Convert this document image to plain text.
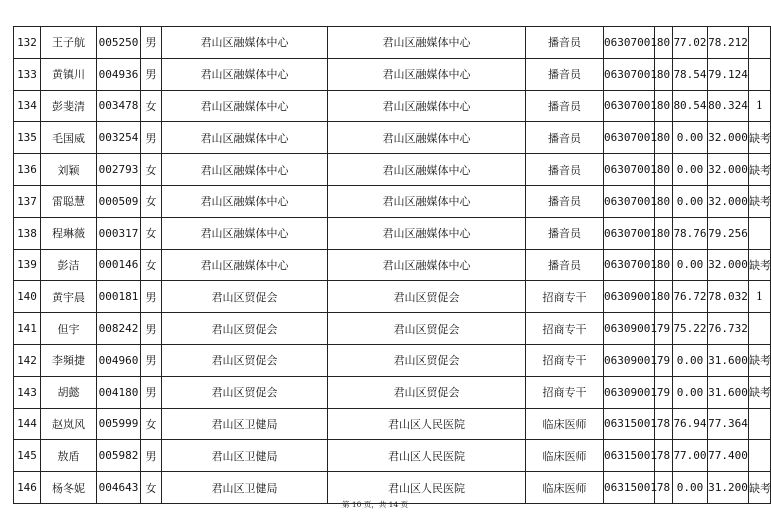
132	王子航	005250	男	君山区融媒体中心	君山区融媒体中心	播音员	06307001	80	77.02	78.212	
133	黄镇川	004936	男	君山区融媒体中心	君山区融媒体中心	播音员	06307001	80	78.54	79.124	
134	彭斐清	003478	女	君山区融媒体中心	君山区融媒体中心	播音员	06307001	80	80.54	80.324	1
135	毛国威	003254	男	君山区融媒体中心	君山区融媒体中心	播音员	06307001	80	0.00	32.000	缺考
136	刘颖	002793	女	君山区融媒体中心	君山区融媒体中心	播音员	06307001	80	0.00	32.000	缺考
137	雷聪慧	000509	女	君山区融媒体中心	君山区融媒体中心	播音员	06307001	80	0.00	32.000	缺考
138	程琳薇	000317	女	君山区融媒体中心	君山区融媒体中心	播音员	06307001	80	78.76	79.256	
139	彭洁	000146	女	君山区融媒体中心	君山区融媒体中心	播音员	06307001	80	0.00	32.000	缺考
140	黄宇晨	000181	男	君山区贸促会	君山区贸促会	招商专干	06309001	80	76.72	78.032	1
141	但宇	008242	男	君山区贸促会	君山区贸促会	招商专干	06309001	79	75.22	76.732	
142	李頻捷	004960	男	君山区贸促会	君山区贸促会	招商专干	06309001	79	0.00	31.600	缺考
143	胡懿	004180	男	君山区贸促会	君山区贸促会	招商专干	06309001	79	0.00	31.600	缺考
144	赵岚风	005999	女	君山区卫健局	君山区人民医院	临床医师	06315001	78	76.94	77.364	
145	敖盾	005982	男	君山区卫健局	君山区人民医院	临床医师	06315001	78	77.00	77.400	
146	杨冬妮	004643	女	君山区卫健局	君山区人民医院	临床医师	06315001	78	0.00	31.200	缺考
第 10 页，共 14 页
